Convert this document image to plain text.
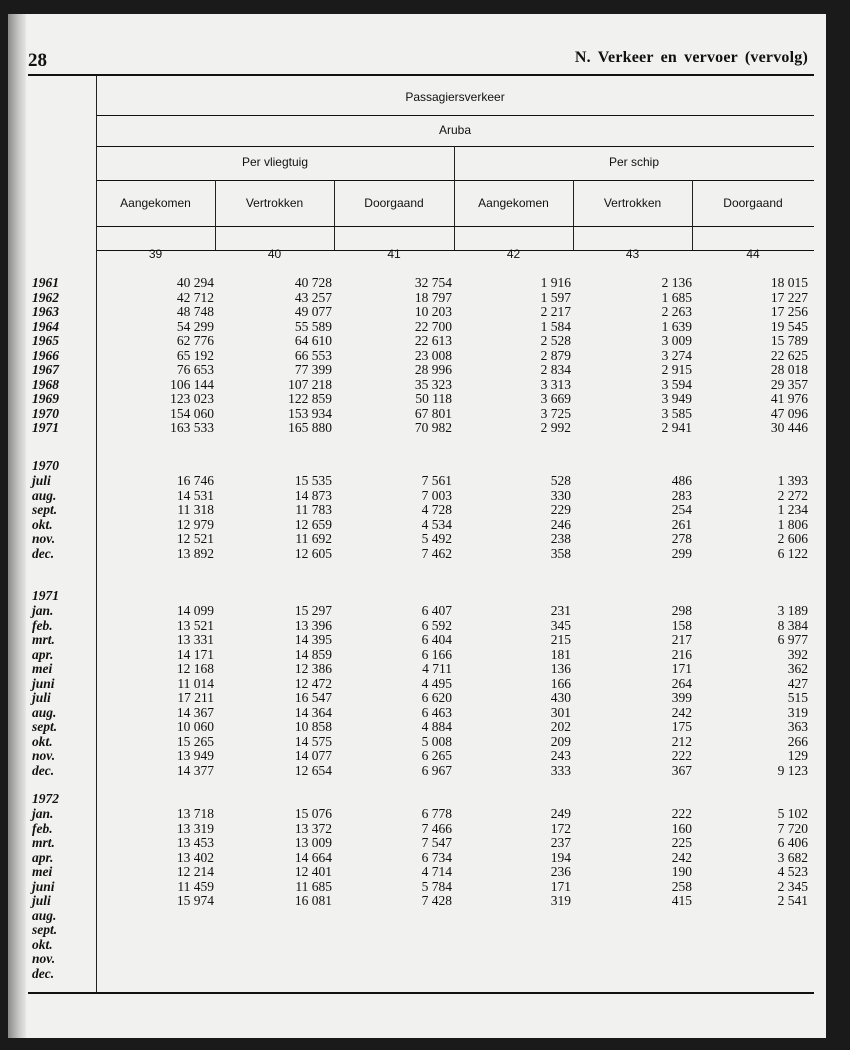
28	N. Verkeer en vervoer (vervolg)
Passagiersverkeer
Aruba
Per vliegtuig	Per schip
Aangekomen	Vertrokken	Doorgaand	Aangekomen	Vertrokken	Doorgaand
39	40	41	42	43	44
1961	40 294	40 728	32 754	1 916	2 136	18 015
1962	42 712	43 257	18 797	1 597	1 685	17 227
1963	48 748	49 077	10 203	2 217	2 263	17 256
1964	54 299	55 589	22 700	1 584	1 639	19 545
1965	62 776	64 610	22 613	2 528	3 009	15 789
1966	65 192	66 553	23 008	2 879	3 274	22 625
1967	76 653	77 399	28 996	2 834	2 915	28 018
1968	106 144	107 218	35 323	3 313	3 594	29 357
1969	123 023	122 859	50 118	3 669	3 949	41 976
1970	154 060	153 934	67 801	3 725	3 585	47 096
1971	163 533	165 880	70 982	2 992	2 941	30 446
1970
juli	16 746	15 535	7 561	528	486	1 393
aug.	14 531	14 873	7 003	330	283	2 272
sept.	11 318	11 783	4 728	229	254	1 234
okt.	12 979	12 659	4 534	246	261	1 806
nov.	12 521	11 692	5 492	238	278	2 606
dec.	13 892	12 605	7 462	358	299	6 122
1971
jan.	14 099	15 297	6 407	231	298	3 189
feb.	13 521	13 396	6 592	345	158	8 384
mrt.	13 331	14 395	6 404	215	217	6 977
apr.	14 171	14 859	6 166	181	216	392
mei	12 168	12 386	4 711	136	171	362
juni	11 014	12 472	4 495	166	264	427
juli	17 211	16 547	6 620	430	399	515
aug.	14 367	14 364	6 463	301	242	319
sept.	10 060	10 858	4 884	202	175	363
okt.	15 265	14 575	5 008	209	212	266
nov.	13 949	14 077	6 265	243	222	129
dec.	14 377	12 654	6 967	333	367	9 123
1972
jan.	13 718	15 076	6 778	249	222	5 102
feb.	13 319	13 372	7 466	172	160	7 720
mrt.	13 453	13 009	7 547	237	225	6 406
apr.	13 402	14 664	6 734	194	242	3 682
mei	12 214	12 401	4 714	236	190	4 523
juni	11 459	11 685	5 784	171	258	2 345
juli	15 974	16 081	7 428	319	415	2 541
aug.
sept.
okt.
nov.
dec.
